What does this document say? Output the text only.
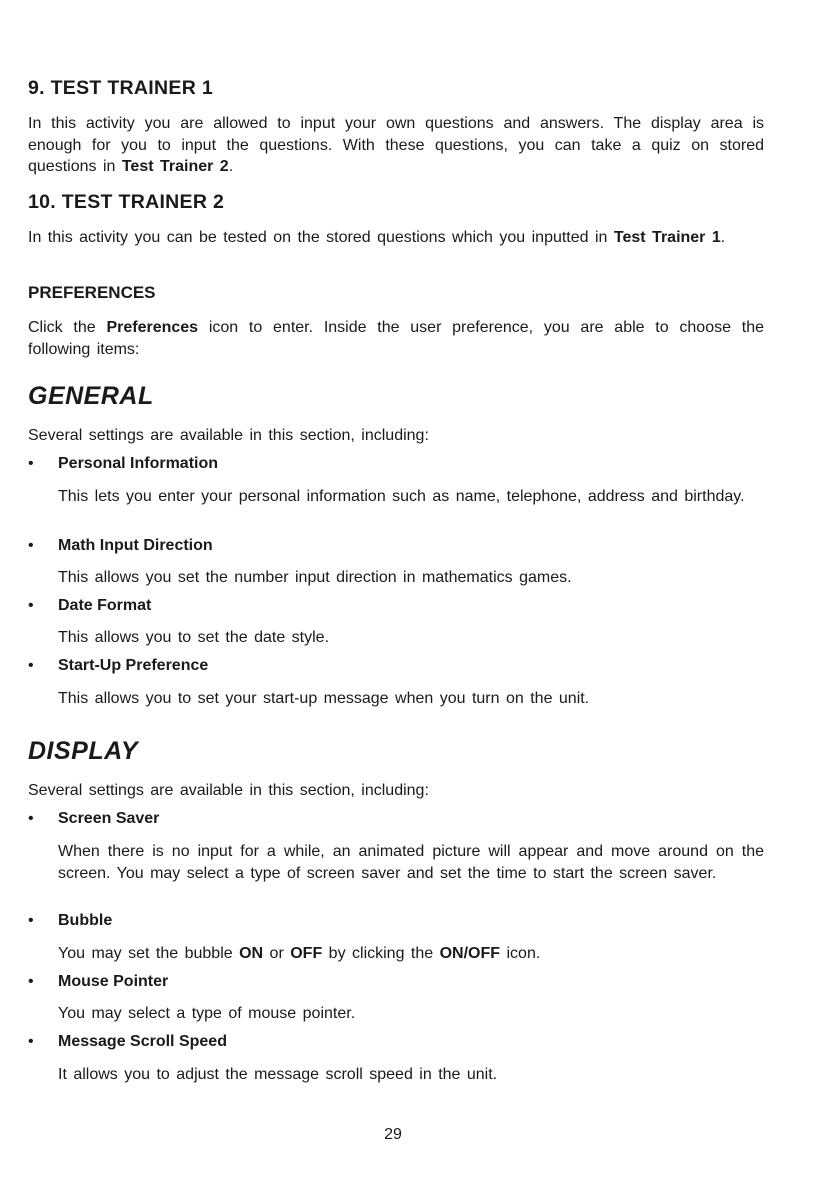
9. TEST TRAINER 1

In this activity you are allowed to input your own questions and answers. The display area is enough for you to input the questions. With these questions, you can take a quiz on stored questions in Test Trainer 2.

10. TEST TRAINER 2

In this activity you can be tested on the stored questions which you inputted in Test Trainer 1.

PREFERENCES

Click the Preferences icon to enter. Inside the user preference, you are able to choose the following items:

GENERAL

Several settings are available in this section, including:

• Personal Information

This lets you enter your personal information such as name, telephone, address and birthday.

• Math Input Direction

This allows you set the number input direction in mathematics games.

• Date Format

This allows you to set the date style.

• Start-Up Preference

This allows you to set your start-up message when you turn on the unit.

DISPLAY

Several settings are available in this section, including:

• Screen Saver

When there is no input for a while, an animated picture will appear and move around on the screen. You may select a type of screen saver and set the time to start the screen saver.

• Bubble

You may set the bubble ON or OFF by clicking the ON/OFF icon.

• Mouse Pointer

You may select a type of mouse pointer.

• Message Scroll Speed

It allows you to adjust the message scroll speed in the unit.

29
